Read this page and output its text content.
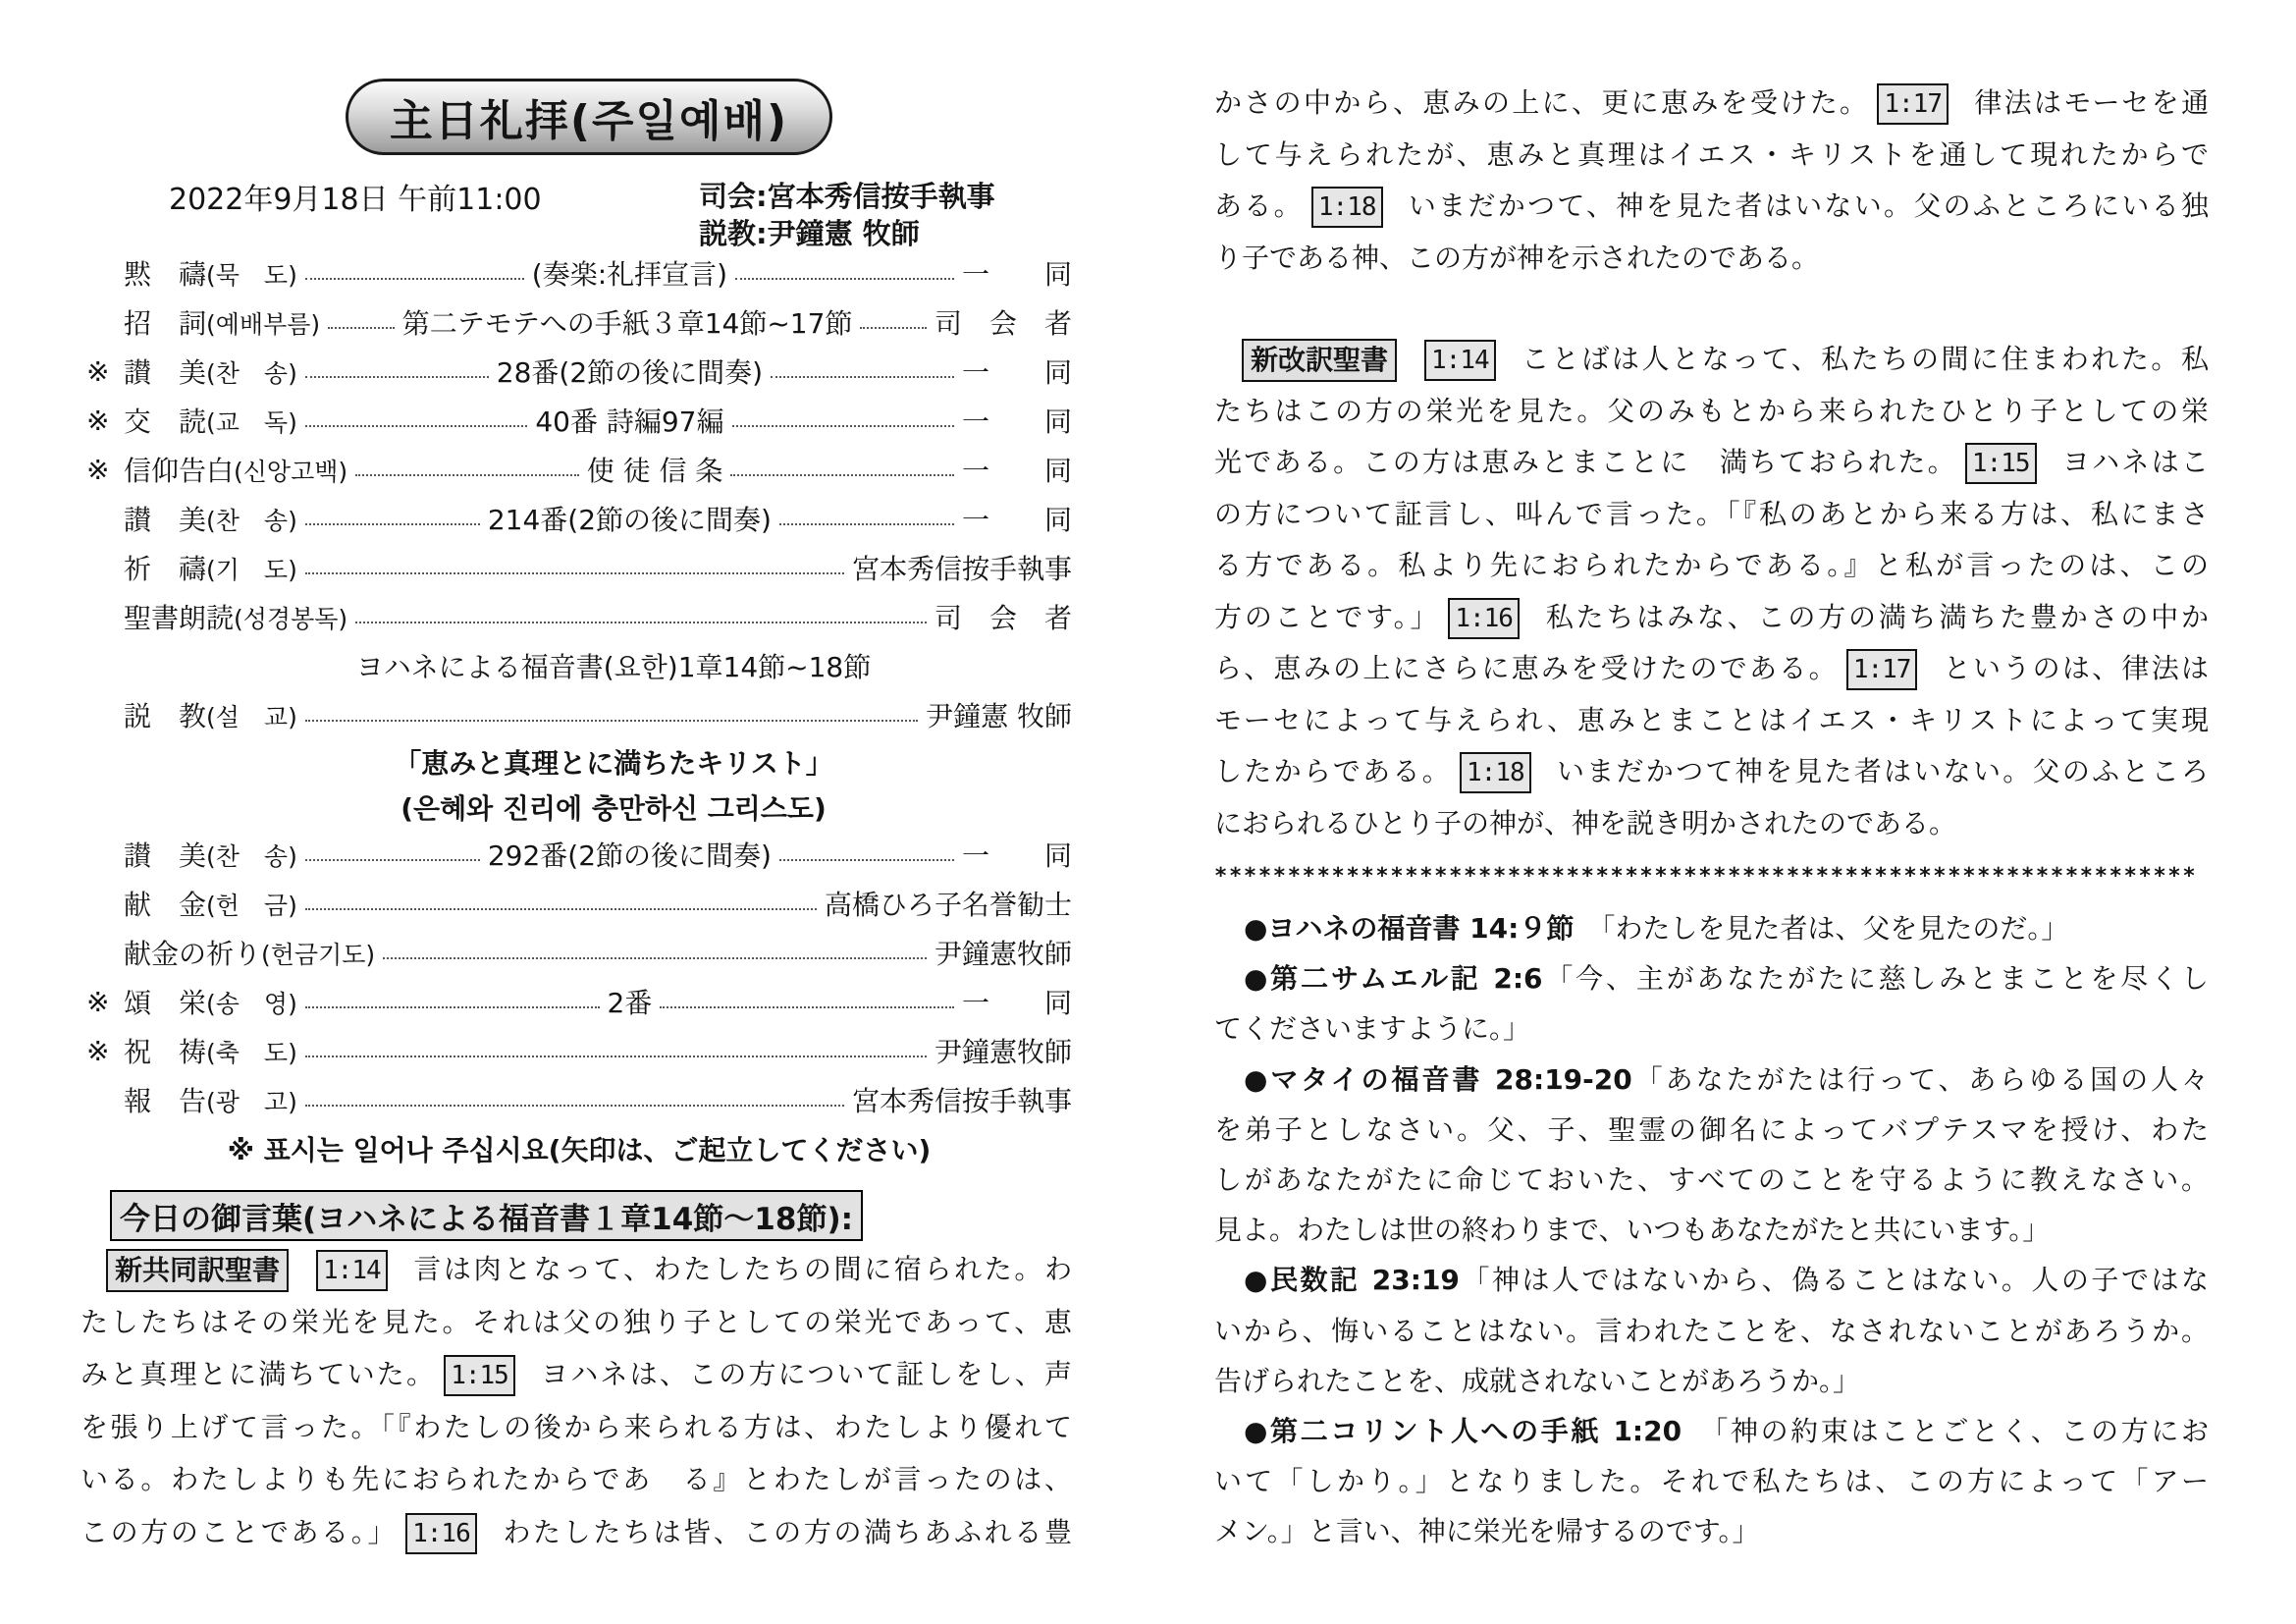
主日礼拝(주일예배)
2022年9月18日 午前11:00	司会:宮本秀信按手執事
説教:尹鐘憲 牧師
黙　禱(묵　도)	(奏楽:礼拝宣言)	一　　同
招　詞(예배부름)	第二テモテへの手紙３章14節~17節	司　会　者
※ 讃　美(찬　송)	28番(2節の後に間奏)	一　　同
※ 交　読(교　독)	40番 詩編97編	一　　同
※ 信仰告白(신앙고백)	使 徒 信 条	一　　同
讃　美(찬　송)	214番(2節の後に間奏)	一　　同
祈　禱(기　도)	宮本秀信按手執事
聖書朗読(성경봉독)	司　会　者
ヨハネによる福音書(요한)1章14節~18節
説　教(설　교)	尹鐘憲 牧師
「恵みと真理とに満ちたキリスト」
(은혜와 진리에 충만하신 그리스도)
讃　美(찬　송)	292番(2節の後に間奏)	一　　同
献　金(헌　금)	高橋ひろ子名誉勧士
献金の祈り(헌금기도)	尹鐘憲牧師
※ 頌　栄(송　영)	2番	一　　同
※ 祝　祷(축　도)	尹鐘憲牧師
報　告(광　고)	宮本秀信按手執事
※ 표시는 일어나 주십시요(矢印は、ご起立してください)
今日の御言葉(ヨハネによる福音書１章14節～18節):
新共同訳聖書 1:14 言は肉となって、わたしたちの間に宿られた。わ
たしたちはその栄光を見た。それは父の独り子としての栄光であって、恵
みと真理とに満ちていた。 1:15 ヨハネは、この方について証しをし、声
を張り上げて言った。「『わたしの後から来られる方は、わたしより優れて
いる。わたしよりも先におられたからであ　る』とわたしが言ったのは、
この方のことである。」 1:16 わたしたちは皆、この方の満ちあふれる豊
かさの中から、恵みの上に、更に恵みを受けた。 1:17 律法はモーセを通
して与えられたが、恵みと真理はイエス・キリストを通して現れたからで
ある。 1:18 いまだかつて、神を見た者はいない。父のふところにいる独
り子である神、この方が神を示されたのである。
新改訳聖書 1:14 ことばは人となって、私たちの間に住まわれた。私
たちはこの方の栄光を見た。父のみもとから来られたひとり子としての栄
光である。この方は恵みとまことに　満ちておられた。 1:15 ヨハネはこ
の方について証言し、叫んで言った。「『私のあとから来る方は、私にまさ
る方である。私より先におられたからである。』と私が言ったのは、この
方のことです。」 1:16 私たちはみな、この方の満ち満ちた豊かさの中か
ら、恵みの上にさらに恵みを受けたのである。 1:17 というのは、律法は
モーセによって与えられ、恵みとまことはイエス・キリストによって実現
したからである。 1:18 いまだかつて神を見た者はいない。父のふところ
におられるひとり子の神が、神を説き明かされたのである。
*******************************************************************
●ヨハネの福音書 14:９節　「わたしを見た者は、父を見たのだ。」
●第二サムエル記 2:6「今、主があなたがたに慈しみとまことを尽くし
てくださいますように。」
●マタイの福音書 28:19-20「あなたがたは行って、あらゆる国の人々
を弟子としなさい。父、子、聖霊の御名によってバプテスマを授け、わた
しがあなたがたに命じておいた、すべてのことを守るように教えなさい。
見よ。わたしは世の終わりまで、いつもあなたがたと共にいます。」
●民数記 23:19「神は人ではないから、偽ることはない。人の子ではな
いから、悔いることはない。言われたことを、なされないことがあろうか。
告げられたことを、成就されないことがあろうか。」
●第二コリント人への手紙 1:20　「神の約束はことごとく、この方にお
いて「しかり。」となりました。それで私たちは、この方によって「アー
メン。」と言い、神に栄光を帰するのです。」
